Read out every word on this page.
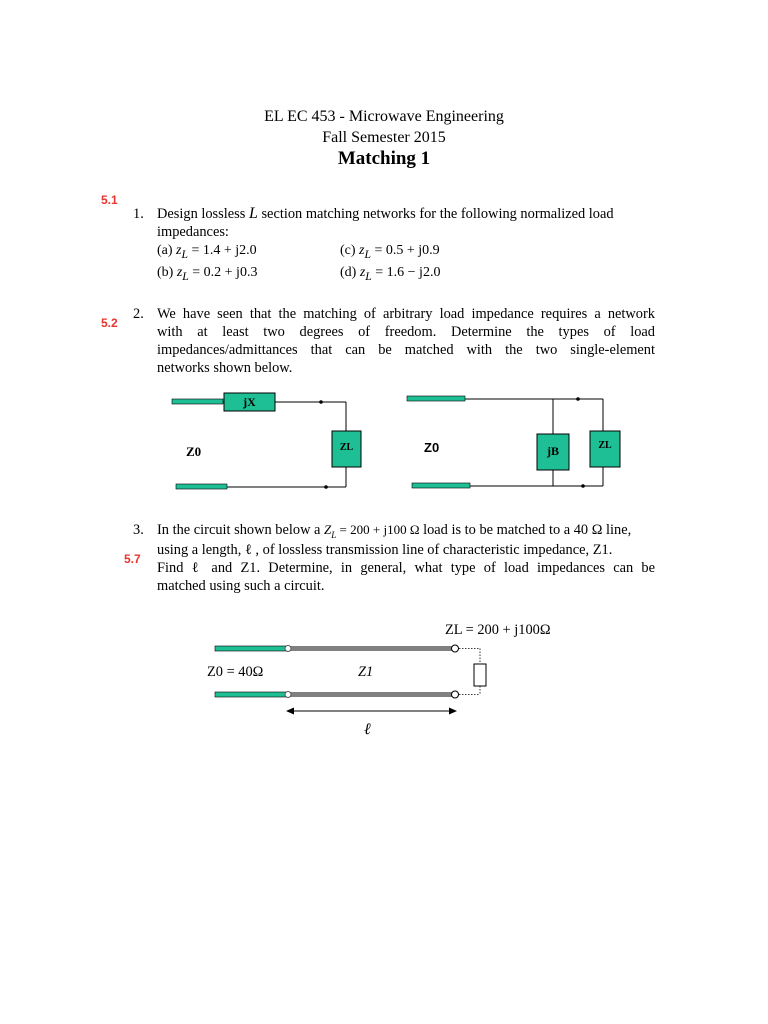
EL EC 453 - Microwave Engineering
Fall Semester 2015
Matching 1
5.1
1. Design lossless L section matching networks for the following normalized load
impedances:
(a) $z_L = 1.4 + j2.0$	(c) $z_L = 0.5 + j0.9$
(b) $z_L = 0.2 + j0.3$	(d) $z_L = 1.6 - j2.0$
5.2
2. We have seen that the matching of arbitrary load impedance requires a network
with at least two degrees of freedom. Determine the types of load
impedances/admittances that can be matched with the two single-element
networks shown below.
jX
ZL
Z0	jB	ZL
Z0
3. In the circuit shown below a $Z_L = 200 + j100$ Ω load is to be matched to a 40 Ω line,
5.7
using a length, ℓ , of lossless transmission line of characteristic impedance, Z1.
Find ℓ and Z1. Determine, in general, what type of load impedances can be
matched using such a circuit.
ZL = 200 + j100Ω
Z0 = 40Ω	Z1
ℓ
